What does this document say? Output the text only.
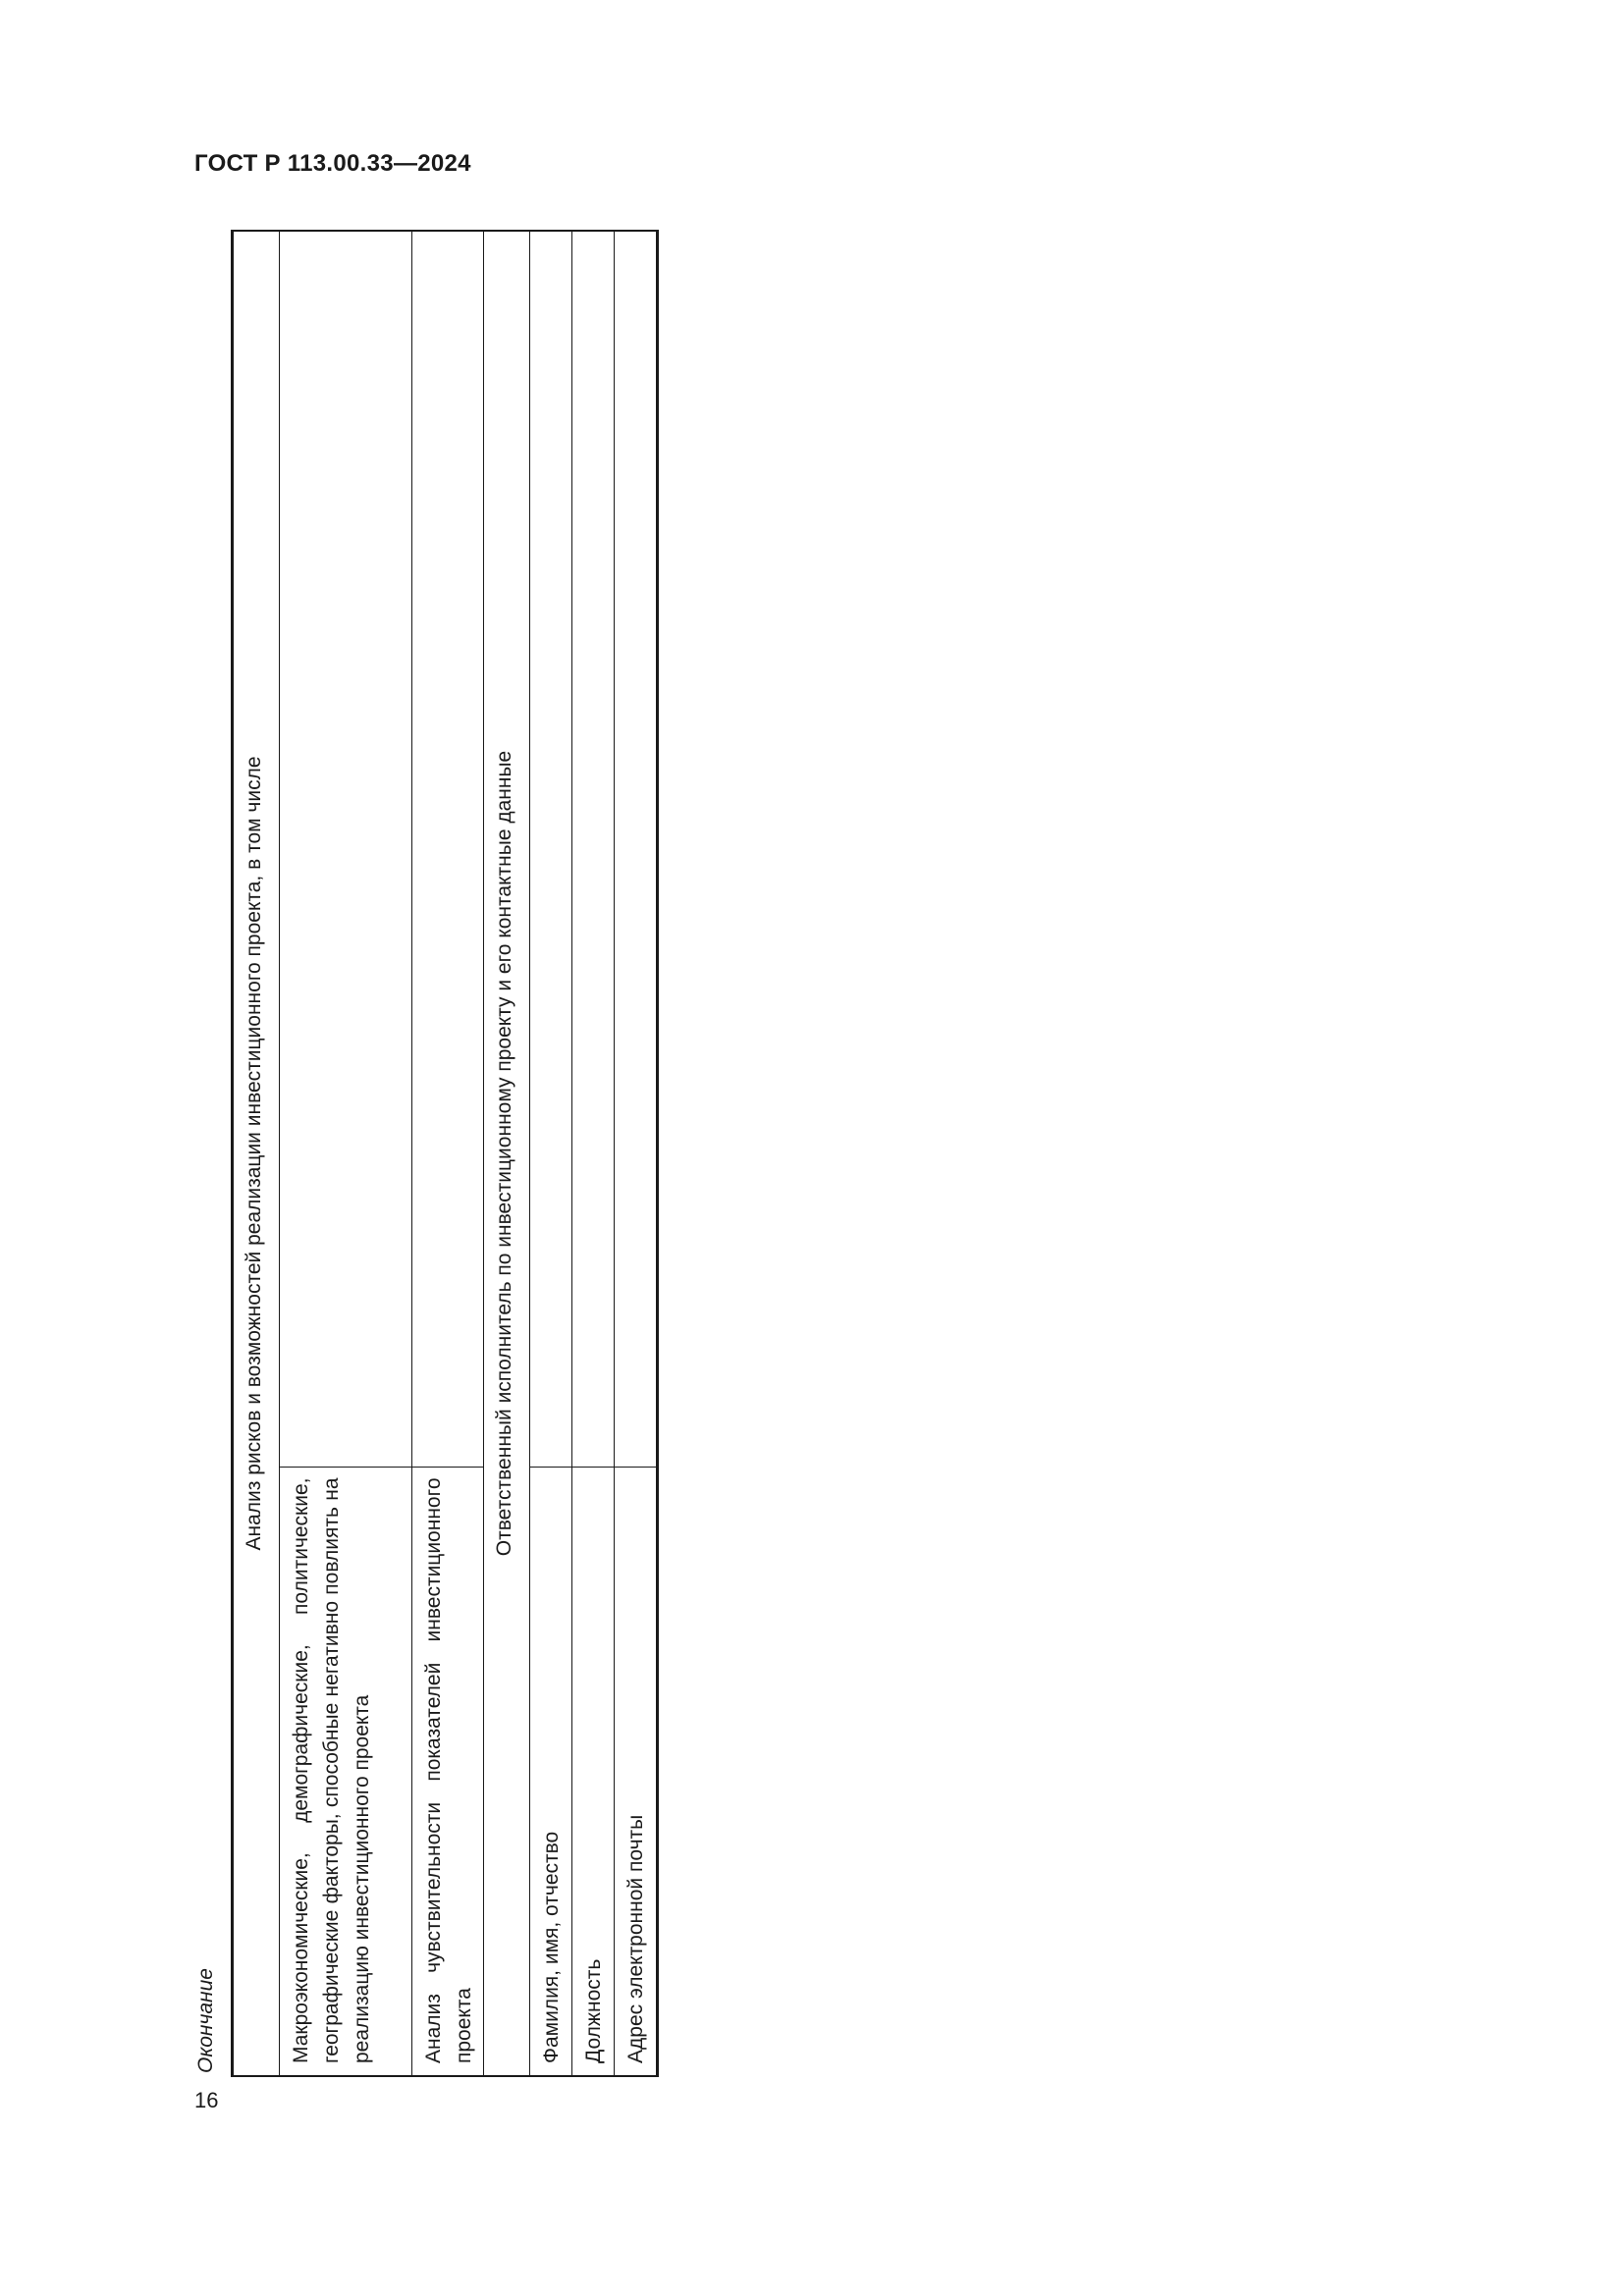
ГОСТ Р 113.00.33—2024
Окончание
Анализ рисков и возможностей реализации инвестиционного проекта, в том числе	
Макроэкономические, демографические, политические, географические факторы, способные негативно повлиять на реализацию инвестиционного проекта	
Анализ чувствительности показателей инвестиционного проекта	
Ответственный исполнитель по инвестиционному проекту и его контактные данные	
Фамилия, имя, отчество	
Должность	
Адрес электронной почты	
16
